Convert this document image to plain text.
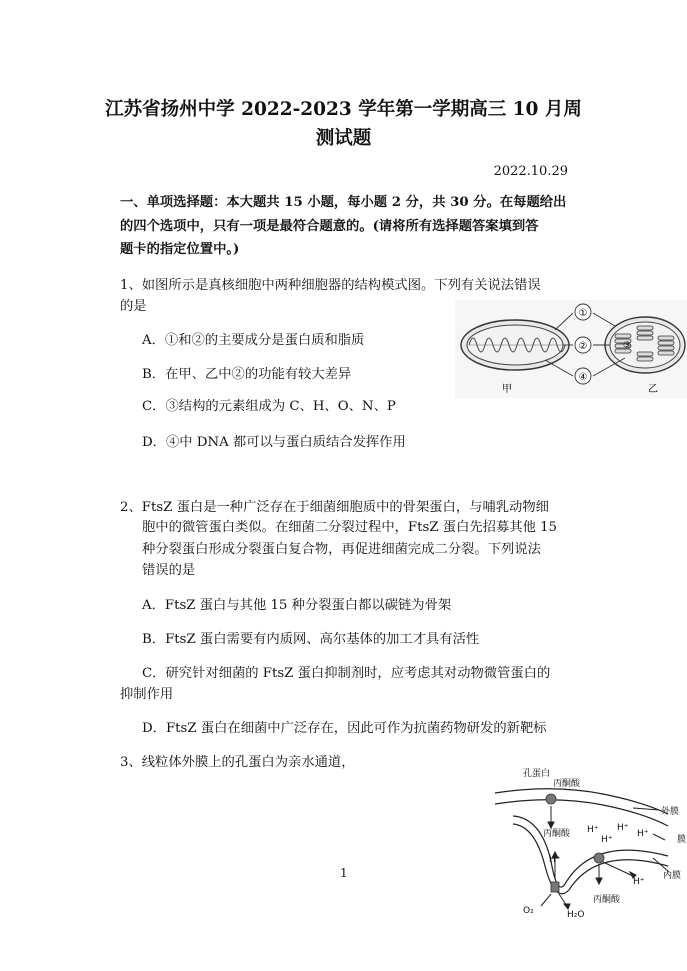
江苏省扬州中学 2022-2023 学年第一学期高三 10 月周
测试题
2022.10.29
一、单项选择题：本大题共 15 小题，每小题 2 分，共 30 分。在每题给出
的四个选项中，只有一项是最符合题意的。(请将所有选择题答案填到答
题卡的指定位置中。)
1、如图所示是真核细胞中两种细胞器的结构模式图。下列有关说法错误
的是
A．①和②的主要成分是蛋白质和脂质
B．在甲、乙中②的功能有较大差异
C．③结构的元素组成为 C、H、O、N、P
D．④中 DNA 都可以与蛋白质结合发挥作用
①
②
④
③
甲	乙
2、FtsZ 蛋白是一种广泛存在于细菌细胞质中的骨架蛋白，与哺乳动物细
胞中的微管蛋白类似。在细菌二分裂过程中，FtsZ 蛋白先招募其他 15
种分裂蛋白形成分裂蛋白复合物，再促进细菌完成二分裂。下列说法
错误的是
A．FtsZ 蛋白与其他 15 种分裂蛋白都以碳链为骨架
B．FtsZ 蛋白需要有内质网、高尔基体的加工才具有活性
C．研究针对细菌的 FtsZ 蛋白抑制剂时，应考虑其对动物微管蛋白的
抑制作用
D．FtsZ 蛋白在细菌中广泛存在，因此可作为抗菌药物研发的新靶标
3、线粒体外膜上的孔蛋白为亲水通道，
孔蛋白
丙酮酸
外膜
丙酮酸 H⁺ H⁺
H⁺
H⁺	膜
内膜
H⁺
H⁺
O₂	H₂O
丙酮酸
1
